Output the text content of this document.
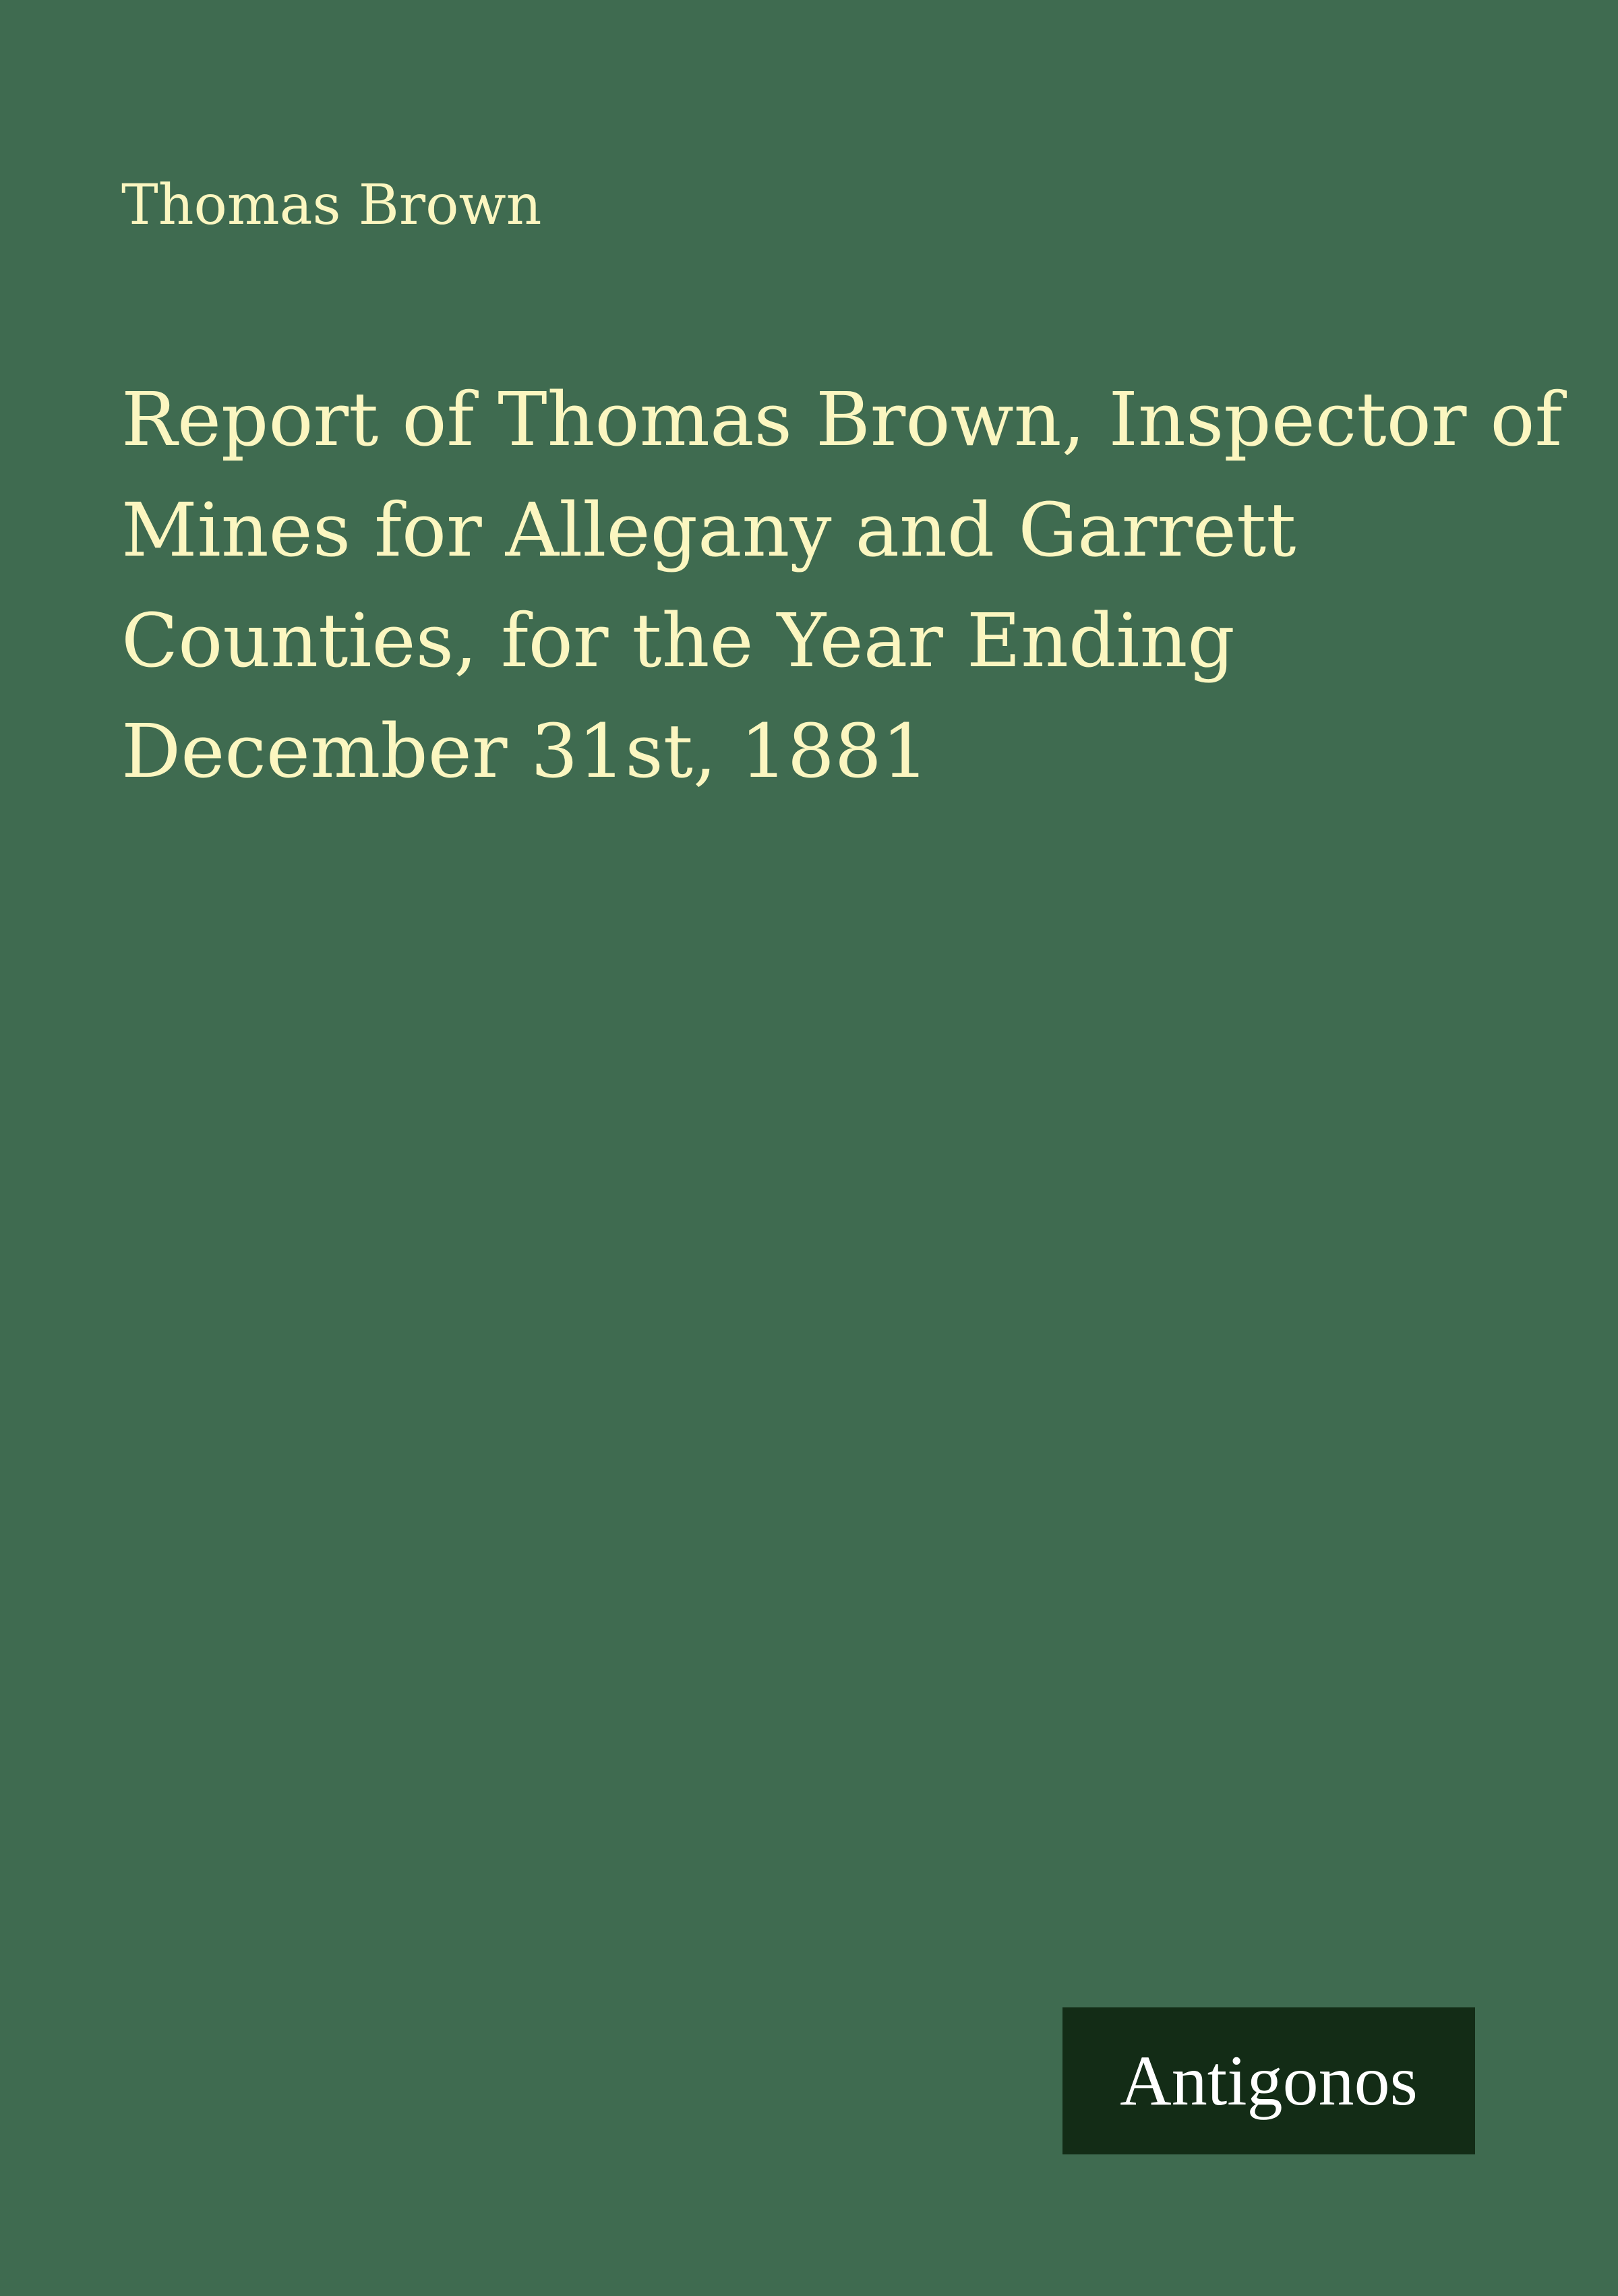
Thomas Brown

Report of Thomas Brown, Inspector of
Mines for Allegany and Garrett
Counties, for the Year Ending
December 31st, 1881
Antigonos
